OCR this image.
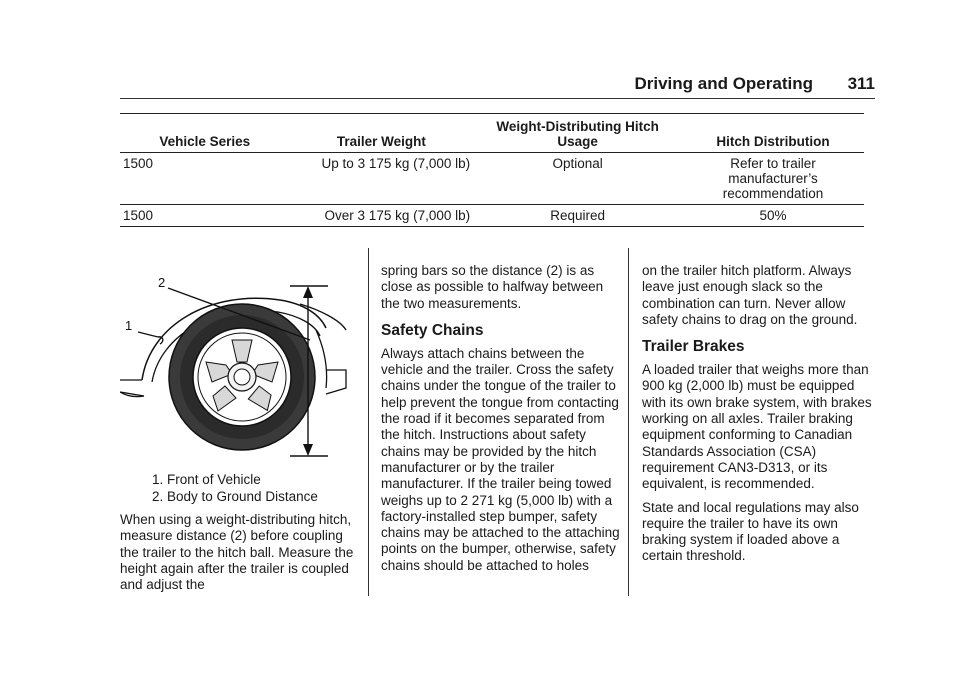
Driving and Operating 311
Vehicle Series	Trailer Weight	Weight-Distributing Hitch Usage	Hitch Distribution
1500	Up to 3 175 kg (7,000 lb)	Optional	Refer to trailer manufacturer’s recommendation

1500	Over 3 175 kg (7,000 lb)	Required	50%
2
1
1. Front of Vehicle
2. Body to Ground Distance

When using a weight-distributing hitch, measure distance (2) before coupling the trailer to the hitch ball. Measure the height again after the trailer is coupled and adjust the

spring bars so the distance (2) is as close as possible to halfway between the two measurements.

Safety Chains

Always attach chains between the vehicle and the trailer. Cross the safety chains under the tongue of the trailer to help prevent the tongue from contacting the road if it becomes separated from the hitch. Instructions about safety chains may be provided by the hitch manufacturer or by the trailer manufacturer. If the trailer being towed weighs up to 2 271 kg (5,000 lb) with a factory-installed step bumper, safety chains may be attached to the attaching points on the bumper, otherwise, safety chains should be attached to holes

on the trailer hitch platform. Always leave just enough slack so the combination can turn. Never allow safety chains to drag on the ground.

Trailer Brakes

A loaded trailer that weighs more than 900 kg (2,000 lb) must be equipped with its own brake system, with brakes working on all axles. Trailer braking equipment conforming to Canadian Standards Association (CSA) requirement CAN3-D313, or its equivalent, is recommended.

State and local regulations may also require the trailer to have its own braking system if loaded above a certain threshold.
